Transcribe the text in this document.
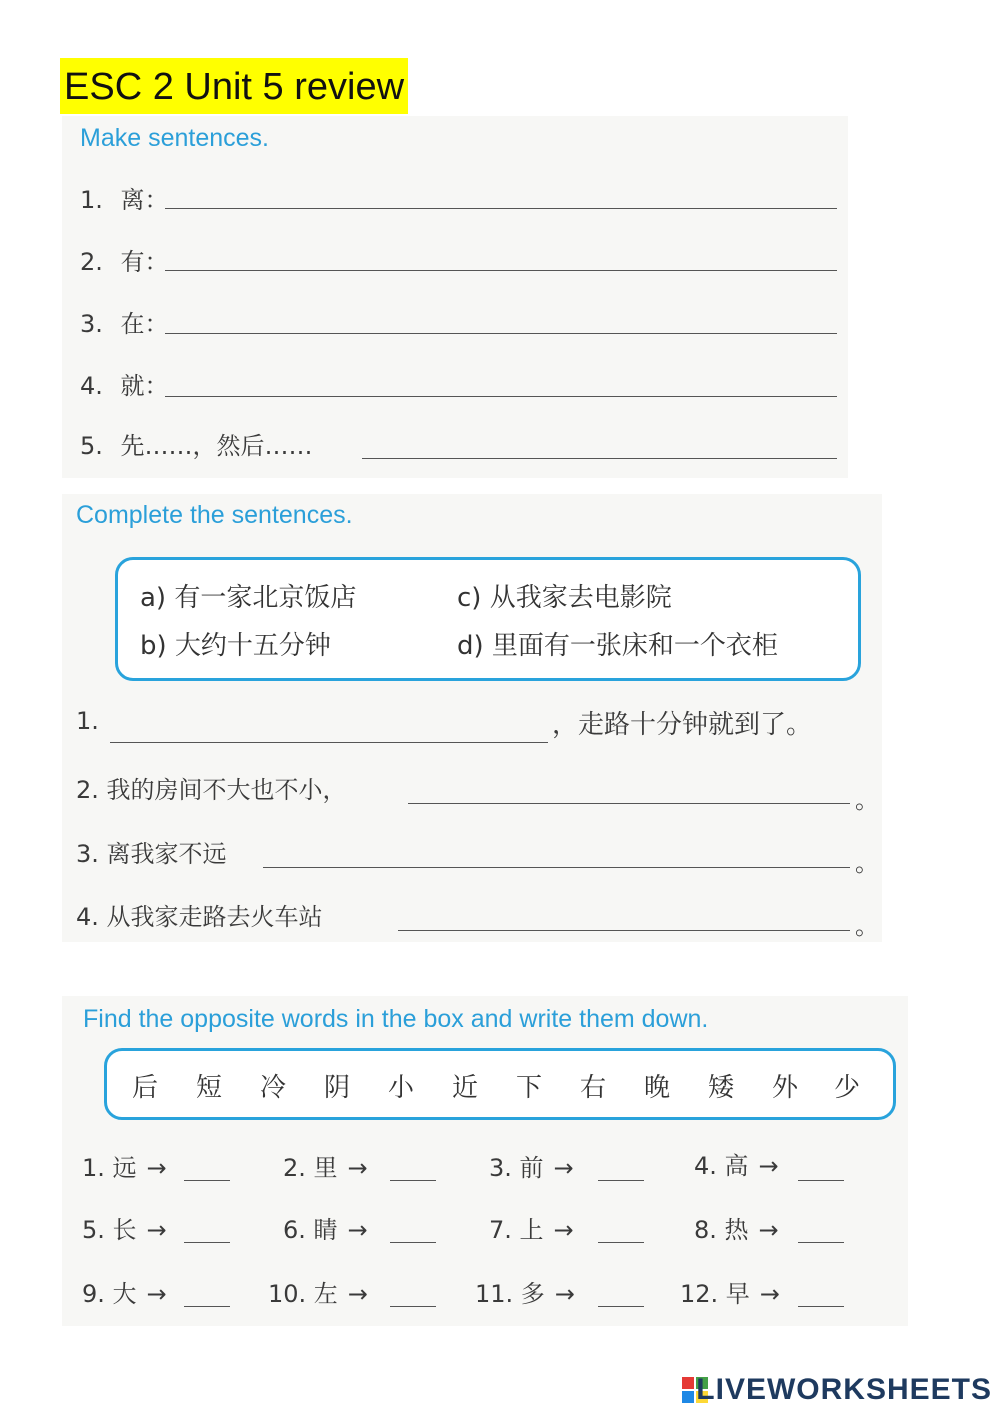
ESC 2 Unit 5 review
Make sentences.
1. 离：
2. 有：
3. 在：
4. 就：
5. 先……，然后……
Complete the sentences.
a) 有一家北京饭店	c) 从我家去电影院
b) 大约十五分钟	d) 里面有一张床和一个衣柜
1.	，走路十分钟就到了。
2. 我的房间不大也不小，	。
3. 离我家不远	。
4. 从我家走路去火车站	。
Find the opposite words in the box and write them down.
后 短 冷 阴 小 近 下 右 晚 矮 外 少
1. 远 →	2. 里 →	3. 前 →	4. 高 →
5. 长 →	6. 睛 →	7. 上 →	8. 热 →
9. 大 →	10. 左 →	11. 多 →	12. 早 →
LIVEWORKSHEETS
